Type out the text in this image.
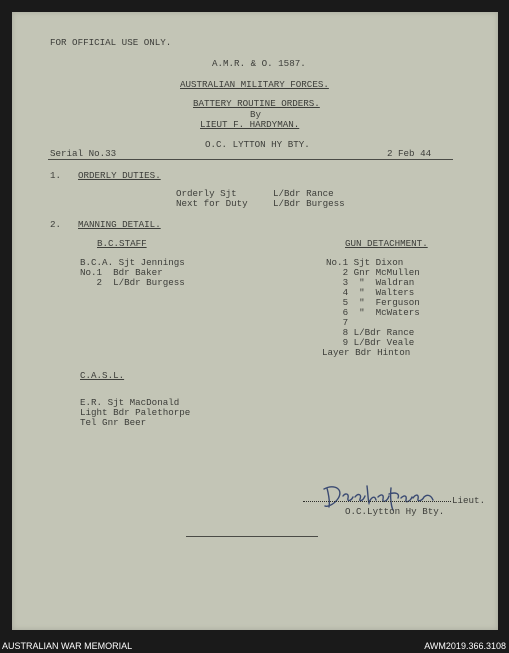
FOR OFFICIAL USE ONLY.
A.M.R. & O. 1587.
AUSTRALIAN MILITARY FORCES.
BATTERY ROUTINE ORDERS.
By
LIEUT F. HARDYMAN.
O.C. LYTTON HY BTY.
Serial No.33	2 Feb 44
1. ORDERLY DUTIES.
Orderly Sjt	L/Bdr Rance
Next for Duty	L/Bdr Burgess
2. MANNING DETAIL.
B.C.STAFF
B.C.A. Sjt Jennings
No.1  Bdr Baker
2  L/Bdr Burgess
GUN DETACHMENT.
No.1 Sjt Dixon
2 Gnr McMullen
3  "  Waldran
4  "  Walters
5  "  Ferguson
6  "  McWaters
7
8 L/Bdr Rance
9 L/Bdr Veale
Layer Bdr Hinton
C.A.S.L.
E.R. Sjt MacDonald
Light Bdr Palethorpe
Tel Gnr Beer
Lieut.
O.C.Lytton Hy Bty.
AUSTRALIAN WAR MEMORIAL	AWM2019.366.3108
